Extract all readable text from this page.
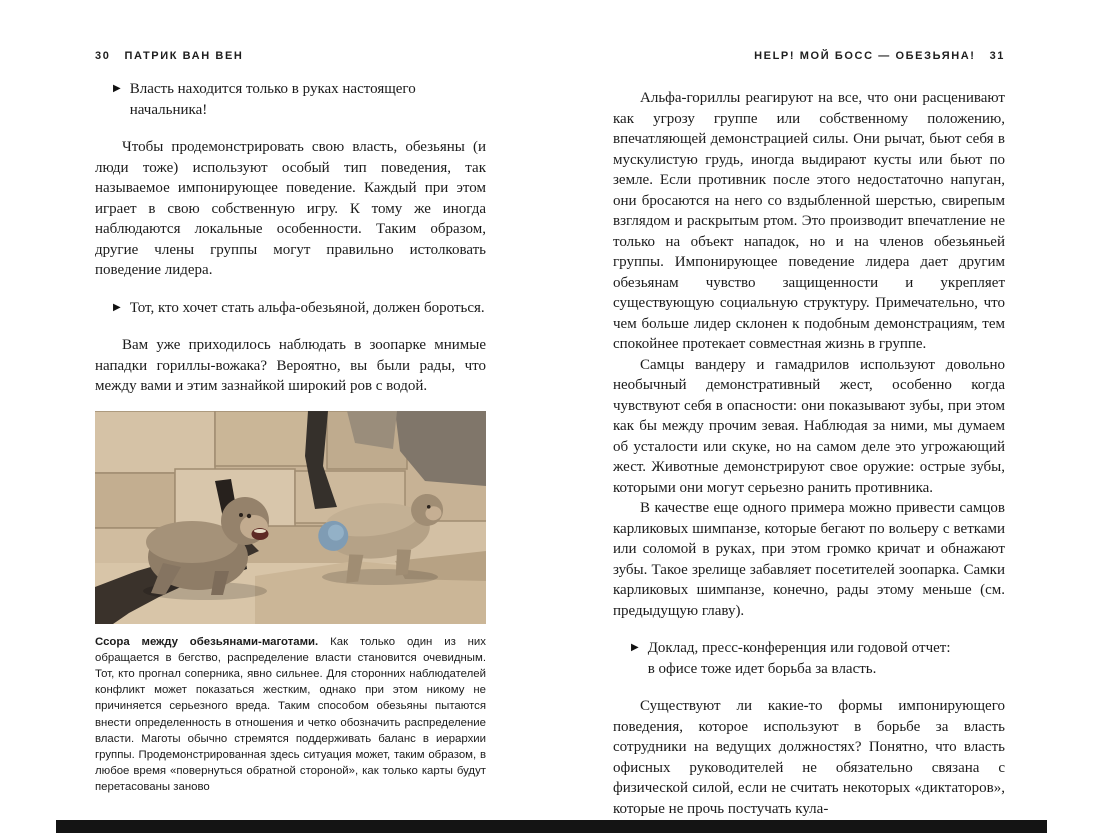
30 ПАТРИК ВАН ВЕН
▶ Власть находится только в руках настоящего начальника!

Чтобы продемонстрировать свою власть, обезьяны (и люди тоже) используют особый тип поведения, так называемое импонирующее поведение. Каждый при этом играет в свою собственную игру. К тому же иногда наблюдаются локальные особенности. Таким образом, другие члены группы могут правильно истолковать поведение лидера.

▶ Тот, кто хочет стать альфа-обезьяной, должен бороться.

Вам уже приходилось наблюдать в зоопарке мнимые нападки гориллы-вожака? Вероятно, вы были рады, что между вами и этим зазнайкой широкий ров с водой.

Ссора между обезьянами-маготами. Как только один из них обращается в бегство, распределение власти становится очевидным. Тот, кто прогнал соперника, явно сильнее. Для сторонних наблюдателей конфликт может показаться жестким, однако при этом никому не причиняется серьезного вреда. Таким способом обезьяны пытаются внести определенность в отношения и четко обозначить распределение власти. Маготы обычно стремятся поддерживать баланс в иерархии группы. Продемонстрированная здесь ситуация может, таким образом, в любое время «повернуться обратной стороной», как только карты будут перетасованы заново

HELP! МОЙ БОСС — ОБЕЗЬЯНА! 31

Альфа-гориллы реагируют на все, что они расценивают как угрозу группе или собственному положению, впечатляющей демонстрацией силы. Они рычат, бьют себя в мускулистую грудь, иногда выдирают кусты или бьют по земле. Если противник после этого недостаточно напуган, они бросаются на него со вздыбленной шерстью, свирепым взглядом и раскрытым ртом. Это производит впечатление не только на объект нападок, но и на членов обезьяньей группы. Импонирующее поведение лидера дает другим обезьянам чувство защищенности и укрепляет существующую социальную структуру. Примечательно, что чем больше лидер склонен к подобным демонстрациям, тем спокойнее протекает совместная жизнь в группе.

Самцы вандеру и гамадрилов используют довольно необычный демонстративный жест, особенно когда чувствуют себя в опасности: они показывают зубы, при этом как бы между прочим зевая. Наблюдая за ними, мы думаем об усталости или скуке, но на самом деле это угрожающий жест. Животные демонстрируют свое оружие: острые зубы, которыми они могут серьезно ранить противника.

В качестве еще одного примера можно привести самцов карликовых шимпанзе, которые бегают по вольеру с ветками или соломой в руках, при этом громко кричат и обнажают зубы. Такое зрелище забавляет посетителей зоопарка. Самки карликовых шимпанзе, конечно, рады этому меньше (см. предыдущую главу).

▶ Доклад, пресс-конференция или годовой отчет:
в офисе тоже идет борьба за власть.

Существуют ли какие-то формы импонирующего поведения, которое используют в борьбе за власть сотрудники на ведущих должностях? Понятно, что власть офисных руководителей не обязательно связана с физической силой, если не считать некоторых «диктаторов», которые не прочь постучать кула-
